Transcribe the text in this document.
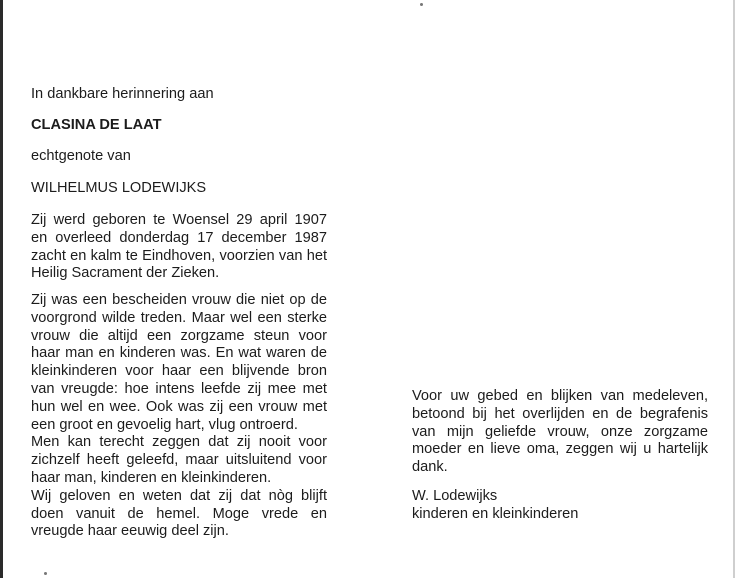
In dankbare herinnering aan

CLASINA DE LAAT

echtgenote van

WILHELMUS LODEWIJKS

Zij werd geboren te Woensel 29 april 1907
en overleed donderdag 17 december 1987
zacht en kalm te Eindhoven, voorzien van het
Heilig Sacrament der Zieken.
Zij was een bescheiden vrouw die niet op de
voorgrond wilde treden. Maar wel een sterke
vrouw die altijd een zorgzame steun voor
haar man en kinderen was. En wat waren de
kleinkinderen voor haar een blijvende bron
van vreugde: hoe intens leefde zij mee met
hun wel en wee. Ook was zij een vrouw met
een groot en gevoelig hart, vlug ontroerd.
Men kan terecht zeggen dat zij nooit voor
zichzelf heeft geleefd, maar uitsluitend voor
haar man, kinderen en kleinkinderen.
Wij geloven en weten dat zij dat nòg blijft
doen vanuit de hemel. Moge vrede en
vreugde haar eeuwig deel zijn.
Voor uw gebed en blijken van medeleven,
betoond bij het overlijden en de begrafenis
van mijn geliefde vrouw, onze zorgzame
moeder en lieve oma, zeggen wij u hartelijk
dank.
W. Lodewijks
kinderen en kleinkinderen
